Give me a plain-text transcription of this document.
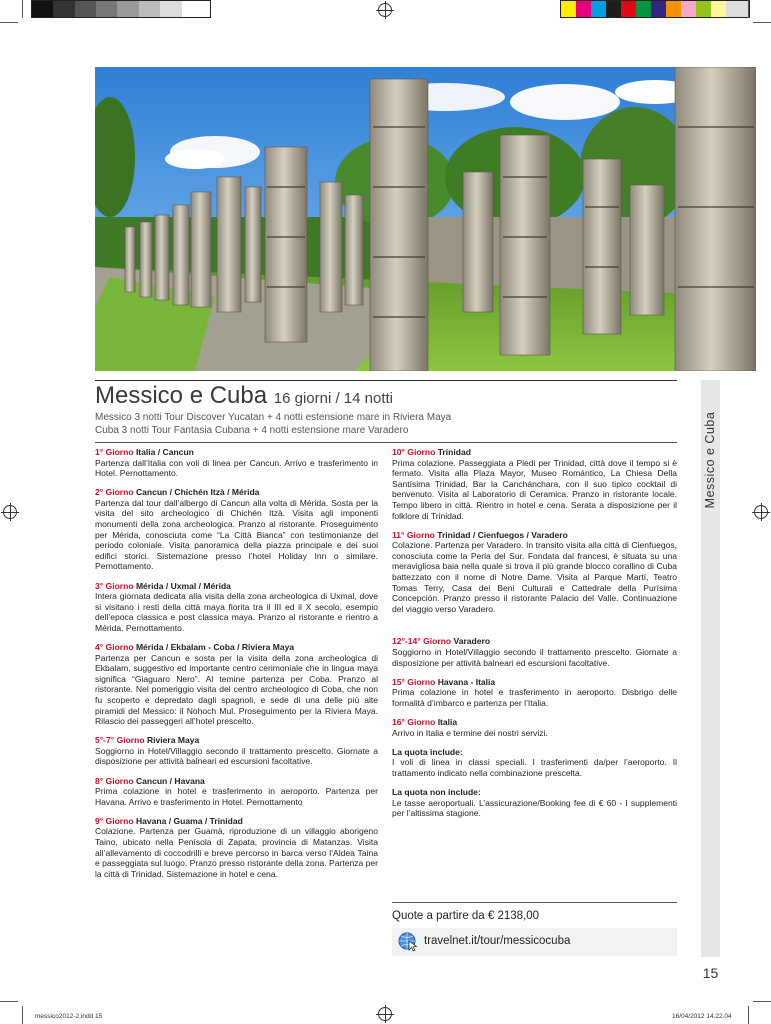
Messico e Cuba
Messico e Cuba 16 giorni / 14 notti
Messico 3 notti Tour Discover Yucatan + 4 notti estensione mare in Riviera Maya
Cuba 3 notti Tour Fantasia Cubana + 4 notti estensione mare Varadero
1° Giorno Italia / Cancun

Partenza dall’Italia con voli di linea per Cancun. Arrivo e trasferimento in Hotel. Pernottamento.

2° Giorno Cancun / Chichén Itzà / Mérida

Partenza dal tour dall’albergo di Cancun alla volta di Mérida. Sosta per la visita del sito archeologico di Chichén Itzà. Visita agli imponenti monumenti della zona archeologica. Pranzo al ristorante. Proseguimento per Mérida, conosciuta come “La Città Bianca” con testimonianze del periodo coloniale. Visita panoramica della piazza principale e dei suoi edifici storici. Sistemazione presso l’hotel Holiday Inn o similare. Pernottamento.

3° Giorno Mérida / Uxmal / Mérida

Intera giornata dedicata alla visita della zona archeologica di Uxmal, dove si visitano i resti della città maya fiorita tra il III ed il X secolo, esempio dell’epoca classica e post classica maya. Pranzo al ristorante e rientro a Mérida. Pernottamento.

4° Giorno Mérida / Ekbalam - Coba / Riviera Maya

Partenza per Cancun e sosta per la visita della zona archeologica di Ekbalam, suggestivo ed importante centro cerimoniale che in lingua maya significa “Giaguaro Nero”. Al temine partenza per Coba. Pranzo al ristorante. Nel pomeriggio visita del centro archeologico di Coba, che non fu scoperto e depredato dagli spagnoli, e sede di una delle più alte piramidi del Messico: il Nohoch Mul. Proseguimento per la Riviera Maya. Rilascio dei passeggeri all’hotel prescelto.

5°-7° Giorno Riviera Maya

Soggiorno in Hotel/Villaggio secondo il trattamento prescelto. Giornate a disposizione per attività balneari ed escursioni facoltative.

8° Giorno Cancun / Havana

Prima colazione in hotel e trasferimento in aeroporto. Partenza per Havana. Arrivo e trasferimento in Hotel. Pernottamento

9° Giorno Havana / Guama / Trinidad

Colazione. Partenza per Guamà, riproduzione di un villaggio aborigeno Taino, ubicato nella Penísola di Zapata, provincia di Matanzas. Visita all’allevamento di coccodrilli e breve percorso in barca verso l’Aldea Taina e passeggiata sul luogo. Pranzo presso ristorante della zona. Partenza per la città di Trinidad. Sistemazione in hotel e cena.

10° Giorno Trinidad

Prima colazione. Passeggiata a Piedi per Trinidad, città dove il tempo si è fermato. Visita alla Plaza Mayor, Museo Romántico, La Chiesa Della Santísima Trinidad, Bar la Canchánchara, con il suo tipico cocktail di benvenuto. Visita al Laboratorio di Ceramica. Pranzo in ristorante locale. Tempo libero in città. Rientro in hotel e cena. Serata a disposizione per il folklore di Trinidad.

11° Giorno Trinidad / Cienfuegos / Varadero

Colazione. Partenza per Varadero. In transito visita alla città di Cienfuegos, conosciuta come la Perla del Sur. Fondata dai francesi, è situata su una meravigliosa baia nella quale si trova il più grande blocco corallino di Cuba battezzato con il nome di Notre Dame. Visita al Parque Martí, Teatro Tomas Terry, Casa dei Beni Culturali e Cattedrale della Purísima Concepción. Pranzo presso il ristorante Palacio del Valle. Continuazione del viaggio verso Varadero.

12°-14° Giorno Varadero

Soggiorno in Hotel/Villaggio secondo il trattamento prescelto. Giornate a disposizione per attività balneari ed escursioni facoltative.

15° Giorno Havana - Italia

Prima colazione in hotel e trasferimento in aeroporto. Disbrigo delle formalità d’imbarco e partenza per l’Italia.

16° Giorno Italia

Arrivo in Italia e termine dei nostri servizi.

La quota include:

I voli di linea in classi speciali. I trasferimenti da/per l’aeroporto. Il trattamento indicato nella combinazione prescelta.

La quota non include:

Le tasse aeroportuali. L’assicurazione/Booking fee di € 60 - I supplementi per l’altissima stagione.

Quote a partire da € 2138,00
travelnet.it/tour/messicocuba
15
messico2012-2.indd 15	16/04/2012 14.22.04
